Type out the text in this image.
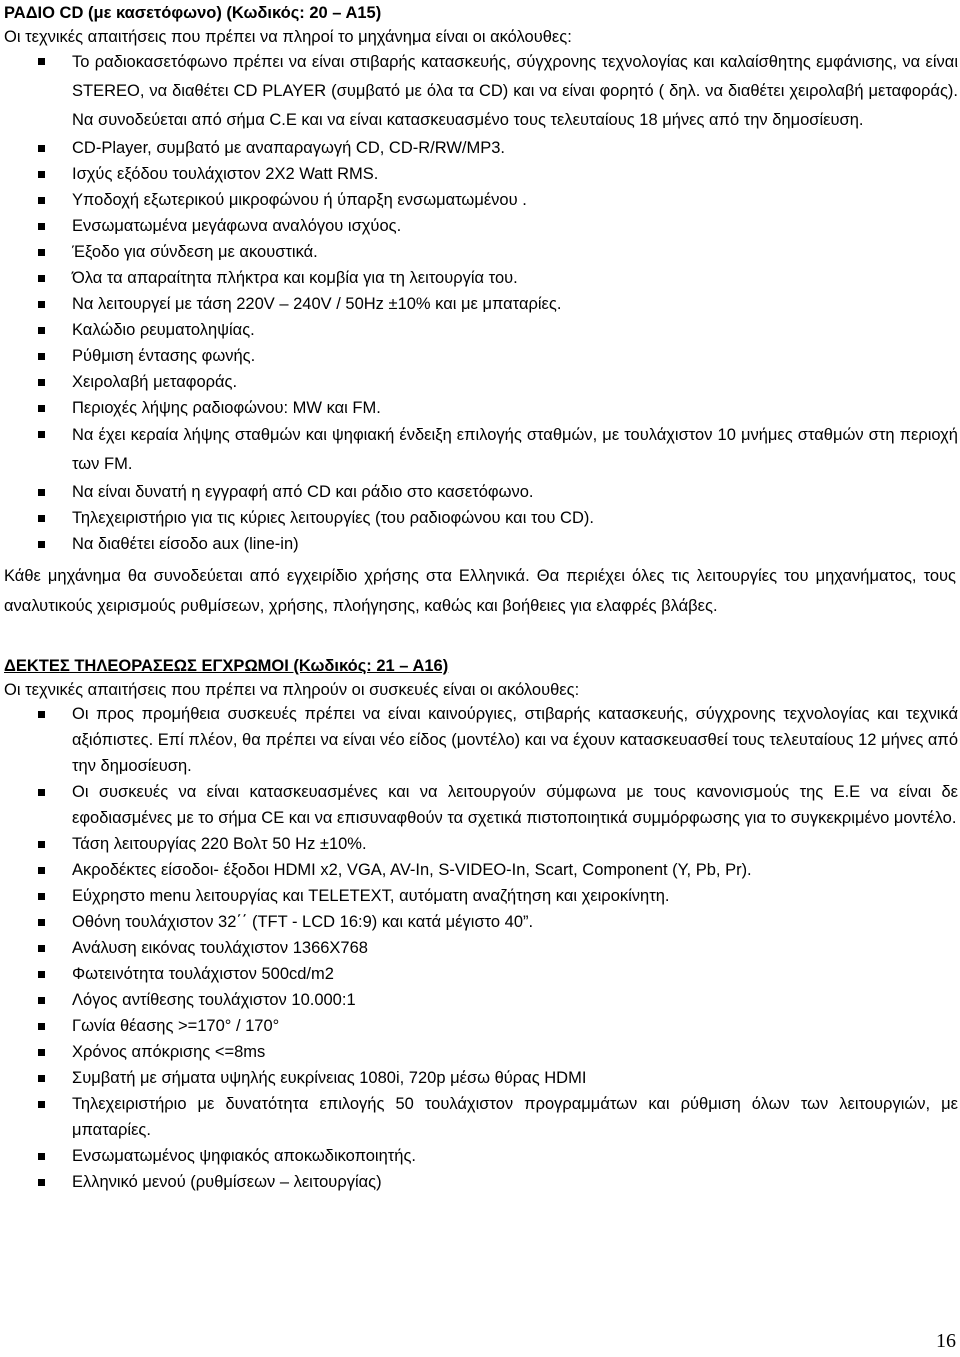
ΡΑΔΙΟ CD (με κασετόφωνο) (Κωδικός: 20 – Α15)

Οι τεχνικές απαιτήσεις που πρέπει να πληροί το μηχάνημα είναι οι ακόλουθες:

Το ραδιοκασετόφωνο πρέπει να είναι στιβαρής κατασκευής, σύγχρονης τεχνολογίας και καλαίσθητης εμφάνισης, να είναι STEREO, να διαθέτει CD PLAYER (συμβατό με όλα τα CD) και να είναι φορητό ( δηλ. να διαθέτει χειρολαβή μεταφοράς). Να συνοδεύεται από σήμα C.E και να είναι κατασκευασμένο τους τελευταίους 18 μήνες από την δημοσίευση.
CD-Player, συμβατό με αναπαραγωγή CD, CD-R/RW/MP3.
Ισχύς εξόδου τουλάχιστον 2Χ2 Watt RMS.
Υποδοχή εξωτερικού μικροφώνου ή ύπαρξη ενσωματωμένου .
Ενσωματωμένα μεγάφωνα αναλόγου ισχύος.
Έξοδο για σύνδεση με ακουστικά.
Όλα τα απαραίτητα πλήκτρα και κομβία για τη λειτουργία του.
Να λειτουργεί με τάση 220V – 240V / 50Hz ±10% και με μπαταρίες.
Καλώδιο ρευματοληψίας.
Ρύθμιση έντασης φωνής.
Χειρολαβή μεταφοράς.
Περιοχές λήψης ραδιοφώνου: MW και FM.
Να έχει κεραία λήψης σταθμών και ψηφιακή ένδειξη επιλογής σταθμών, με τουλάχιστον 10 μνήμες σταθμών στη περιοχή των FM.
Να είναι δυνατή η εγγραφή από CD και ράδιο στο κασετόφωνο.
Τηλεχειριστήριο για τις κύριες λειτουργίες (του ραδιοφώνου και του CD).
Να διαθέτει είσοδο aux (line-in)

Κάθε μηχάνημα θα συνοδεύεται από εγχειρίδιο χρήσης στα Ελληνικά. Θα περιέχει όλες τις λειτουργίες του μηχανήματος, τους αναλυτικούς χειρισμούς ρυθμίσεων, χρήσης, πλοήγησης, καθώς και βοήθειες για ελαφρές βλάβες.

ΔΕΚΤΕΣ ΤΗΛΕΟΡΑΣΕΩΣ ΕΓΧΡΩΜΟΙ (Κωδικός: 21 – Α16)

Οι τεχνικές απαιτήσεις που πρέπει να πληρούν οι συσκευές είναι οι ακόλουθες:

Οι προς προμήθεια συσκευές πρέπει να είναι καινούργιες, στιβαρής κατασκευής, σύγχρονης τεχνολογίας και τεχνικά αξιόπιστες. Επί πλέον, θα πρέπει να είναι νέο είδος (μοντέλο) και να έχουν κατασκευασθεί τους τελευταίους 12 μήνες από την δημοσίευση.
Οι συσκευές να είναι κατασκευασμένες και να λειτουργούν σύμφωνα με τους κανονισμούς της Ε.Ε να είναι δε εφοδιασμένες με το σήμα CE και να επισυναφθούν τα σχετικά πιστοποιητικά συμμόρφωσης για το συγκεκριμένο μοντέλο.
Τάση λειτουργίας 220 Βολτ 50 Hz ±10%.
Ακροδέκτες είσοδοι- έξοδοι HDMI x2, VGA, AV-In, S-VIDEO-In, Scart, Component (Y, Pb, Pr).
Εύχρηστο menu λειτουργίας και TELETEXT, αυτόματη αναζήτηση και χειροκίνητη.
Οθόνη τουλάχιστον 32΄΄ (TFT - LCD 16:9) και κατά μέγιστο 40”.
Ανάλυση εικόνας τουλάχιστον 1366Χ768
Φωτεινότητα τουλάχιστον 500cd/m2
Λόγος αντίθεσης τουλάχιστον 10.000:1
Γωνία θέασης >=170° / 170°
Χρόνος απόκρισης <=8ms
Συμβατή με σήματα υψηλής ευκρίνειας 1080i, 720p μέσω θύρας HDMI
Τηλεχειριστήριο με δυνατότητα επιλογής 50 τουλάχιστον προγραμμάτων και ρύθμιση όλων των λειτουργιών, με μπαταρίες.
Ενσωματωμένος ψηφιακός αποκωδικοποιητής.
Ελληνικό μενού (ρυθμίσεων – λειτουργίας)
16
